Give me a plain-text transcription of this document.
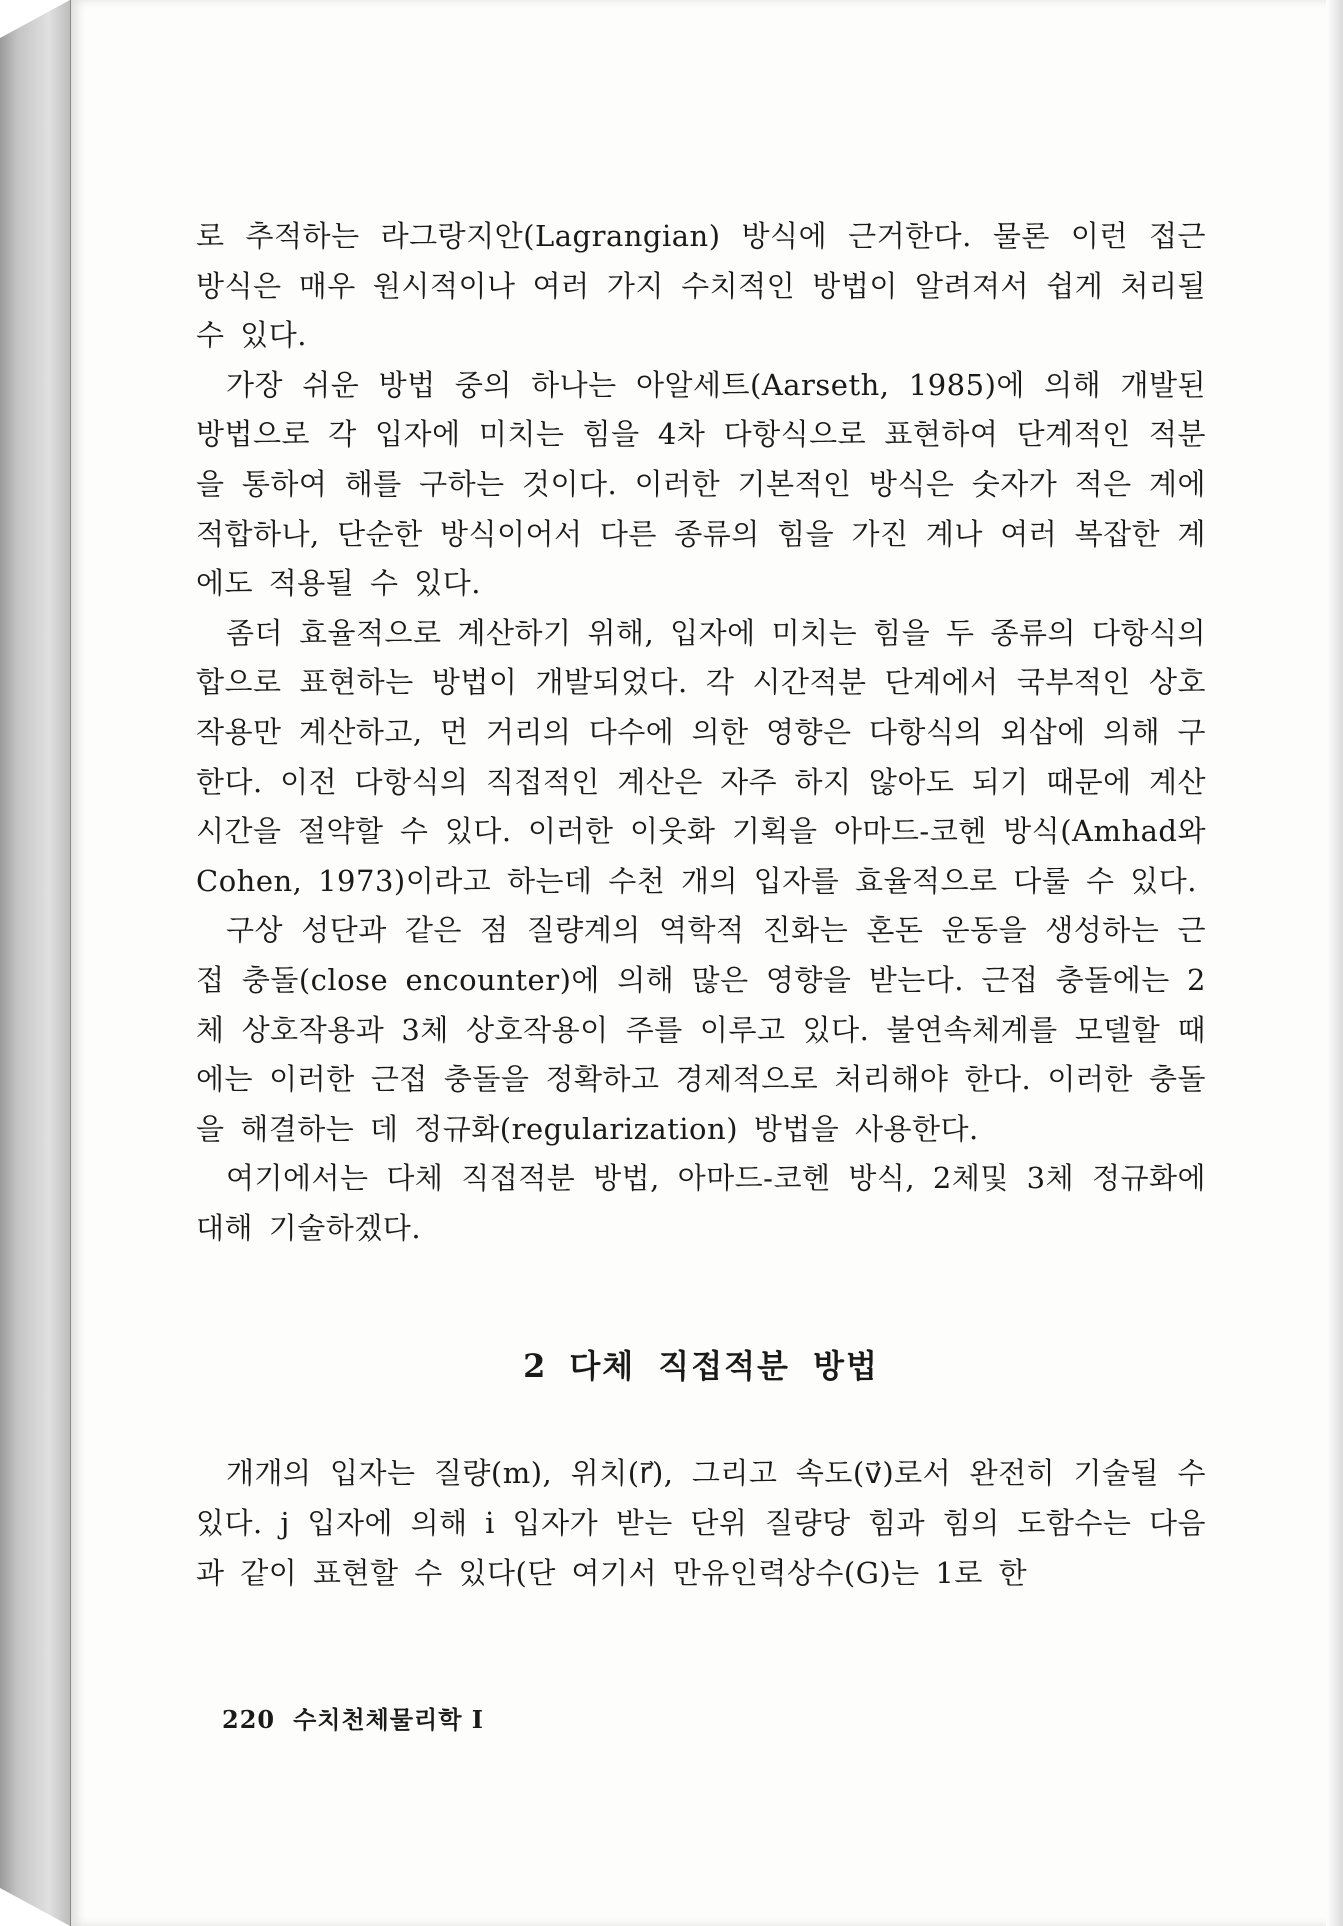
로 추적하는 라그랑지안(Lagrangian) 방식에 근거한다. 물론 이런 접근 방식은 매우 원시적이나 여러 가지 수치적인 방법이 알려져서 쉽게 처리될 수 있다.

가장 쉬운 방법 중의 하나는 아알세트(Aarseth, 1985)에 의해 개발된 방법으로 각 입자에 미치는 힘을 4차 다항식으로 표현하여 단계적인 적분을 통하여 해를 구하는 것이다. 이러한 기본적인 방식은 숫자가 적은 계에 적합하나, 단순한 방식이어서 다른 종류의 힘을 가진 계나 여러 복잡한 계에도 적용될 수 있다.

좀더 효율적으로 계산하기 위해, 입자에 미치는 힘을 두 종류의 다항식의 합으로 표현하는 방법이 개발되었다. 각 시간적분 단계에서 국부적인 상호작용만 계산하고, 먼 거리의 다수에 의한 영향은 다항식의 외삽에 의해 구한다. 이전 다항식의 직접적인 계산은 자주 하지 않아도 되기 때문에 계산 시간을 절약할 수 있다. 이러한 이웃화 기획을 아마드-코헨 방식(Amhad와 Cohen, 1973)이라고 하는데 수천 개의 입자를 효율적으로 다룰 수 있다.

구상 성단과 같은 점 질량계의 역학적 진화는 혼돈 운동을 생성하는 근접 충돌(close encounter)에 의해 많은 영향을 받는다. 근접 충돌에는 2체 상호작용과 3체 상호작용이 주를 이루고 있다. 불연속체계를 모델할 때에는 이러한 근접 충돌을 정확하고 경제적으로 처리해야 한다. 이러한 충돌을 해결하는 데 정규화(regularization) 방법을 사용한다.

여기에서는 다체 직접적분 방법, 아마드-코헨 방식, 2체및 3체 정규화에 대해 기술하겠다.

2 다체 직접적분 방법

개개의 입자는 질량(m), 위치(r⃗), 그리고 속도(v⃗)로서 완전히 기술될 수 있다. j 입자에 의해 i 입자가 받는 단위 질량당 힘과 힘의 도함수는 다음과 같이 표현할 수 있다(단 여기서 만유인력상수(G)는 1로 한

220 수치천체물리학 I
